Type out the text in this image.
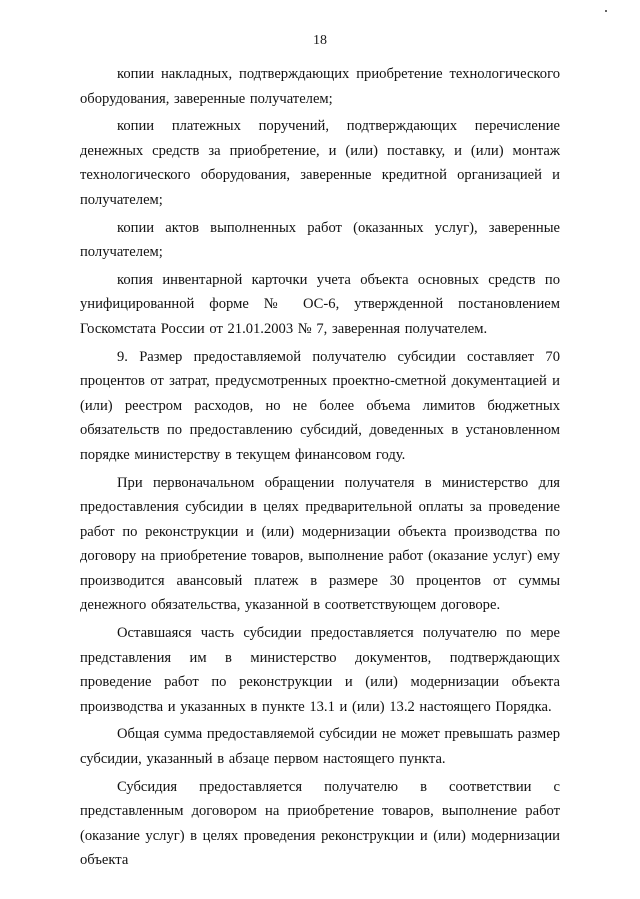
18

копии накладных, подтверждающих приобретение технологического оборудования, заверенные получателем;

копии платежных поручений, подтверждающих перечисление денежных средств за приобретение, и (или) поставку, и (или) монтаж технологического оборудования, заверенные кредитной организацией и получателем;

копии актов выполненных работ (оказанных услуг), заверенные получателем;

копия инвентарной карточки учета объекта основных средств по унифицированной форме № ОС-6, утвержденной постановлением Госкомстата России от 21.01.2003 № 7, заверенная получателем.

9. Размер предоставляемой получателю субсидии составляет 70 процентов от затрат, предусмотренных проектно-сметной документацией и (или) реестром расходов, но не более объема лимитов бюджетных обязательств по предоставлению субсидий, доведенных в установленном порядке министерству в текущем финансовом году.

При первоначальном обращении получателя в министерство для предоставления субсидии в целях предварительной оплаты за проведение работ по реконструкции и (или) модернизации объекта производства по договору на приобретение товаров, выполнение работ (оказание услуг) ему производится авансовый платеж в размере 30 процентов от суммы денежного обязательства, указанной в соответствующем договоре.

Оставшаяся часть субсидии предоставляется получателю по мере представления им в министерство документов, подтверждающих проведение работ по реконструкции и (или) модернизации объекта производства и указанных в пункте 13.1 и (или) 13.2 настоящего Порядка.

Общая сумма предоставляемой субсидии не может превышать размер субсидии, указанный в абзаце первом настоящего пункта.

Субсидия предоставляется получателю в соответствии с представленным договором на приобретение товаров, выполнение работ (оказание услуг) в целях проведения реконструкции и (или) модернизации объекта
